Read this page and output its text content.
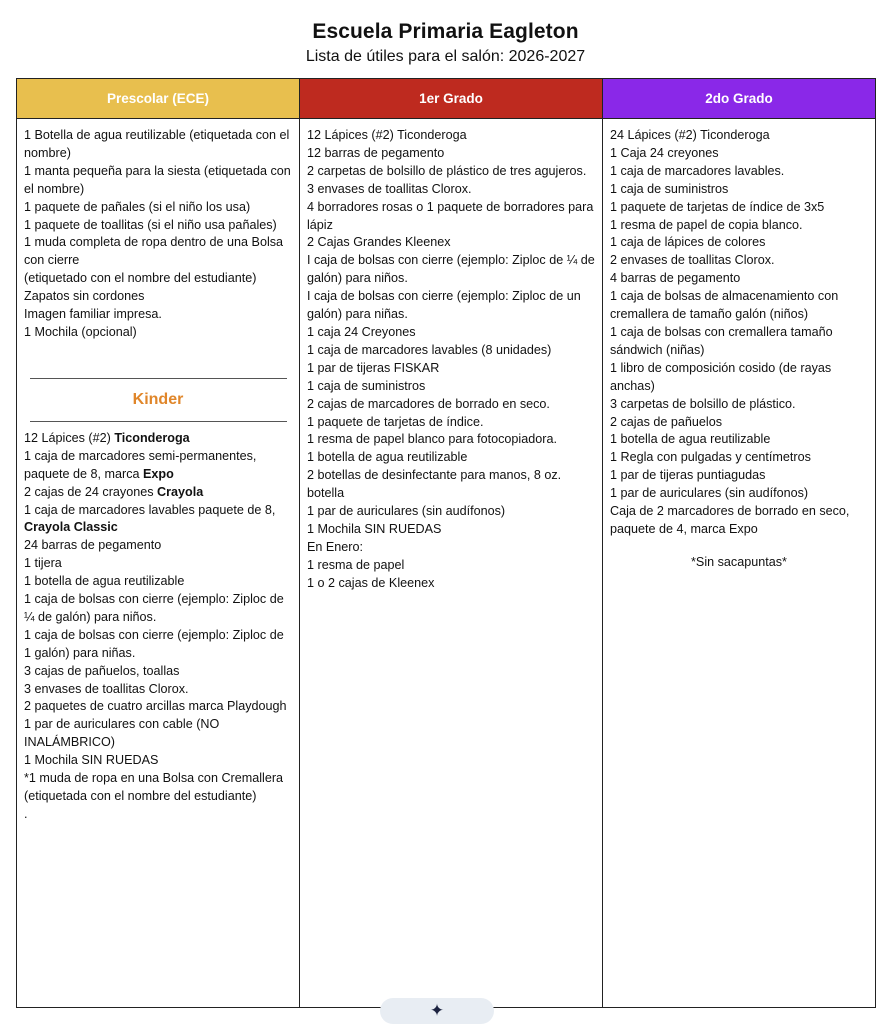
Escuela Primaria Eagleton
Lista de útiles para el salón: 2026-2027
Prescolar (ECE)
1 Botella de agua reutilizable (etiquetada con el nombre)
1 manta pequeña para la siesta (etiquetada con el nombre)
1 paquete de pañales (si el niño los usa)
1 paquete de toallitas (si el niño usa pañales)
1 muda completa de ropa dentro de una Bolsa con cierre
(etiquetado con el nombre del estudiante)
Zapatos sin cordones
Imagen familiar impresa.
1 Mochila (opcional)
Kinder
12 Lápices (#2) Ticonderoga
1 caja de marcadores semi-permanentes, paquete de 8, marca Expo
2 cajas de 24 crayones Crayola
1 caja de marcadores lavables paquete de 8, Crayola Classic
24 barras de pegamento
1 tijera
1 botella de agua reutilizable
1 caja de bolsas con cierre (ejemplo: Ziploc de ¼ de galón) para niños.
1 caja de bolsas con cierre (ejemplo: Ziploc de 1 galón) para niñas.
3 cajas de pañuelos, toallas
3 envases de toallitas Clorox.
2 paquetes de cuatro arcillas marca Playdough
1 par de auriculares con cable (NO INALÁMBRICO)
1 Mochila SIN RUEDAS
*1 muda de ropa en una Bolsa con Cremallera (etiquetada con el nombre del estudiante)
.
1er Grado
12 Lápices (#2) Ticonderoga
12 barras de pegamento
2 carpetas de bolsillo de plástico de tres agujeros.
3 envases de toallitas Clorox.
4 borradores rosas o 1 paquete de borradores para lápiz
2 Cajas Grandes Kleenex
I caja de bolsas con cierre (ejemplo: Ziploc de ¼ de galón) para niños.
I caja de bolsas con cierre (ejemplo: Ziploc de un galón) para niñas.
1 caja 24 Creyones
1 caja de marcadores lavables (8 unidades)
1 par de tijeras FISKAR
1 caja de suministros
2 cajas de marcadores de borrado en seco.
1 paquete de tarjetas de índice.
1 resma de papel blanco para fotocopiadora.
1 botella de agua reutilizable
2 botellas de desinfectante para manos, 8 oz. botella
1 par de auriculares (sin audífonos)
1 Mochila SIN RUEDAS
En Enero:
1 resma de papel
1 o 2 cajas de Kleenex
2do Grado
24 Lápices (#2) Ticonderoga
1 Caja 24 creyones
1 caja de marcadores lavables.
1 caja de suministros
1 paquete de tarjetas de índice de 3x5
1 resma de papel de copia blanco.
1 caja de lápices de colores
2 envases de toallitas Clorox.
4 barras de pegamento
1 caja de bolsas de almacenamiento con cremallera de tamaño galón (niños)
1 caja de bolsas con cremallera tamaño sándwich (niñas)
1 libro de composición cosido (de rayas anchas)
3 carpetas de bolsillo de plástico.
2 cajas de pañuelos
1 botella de agua reutilizable
1 Regla con pulgadas y centímetros
1 par de tijeras puntiagudas
1 par de auriculares (sin audífonos)
Caja de 2 marcadores de borrado en seco, paquete de 4, marca Expo
*Sin sacapuntas*
✦
